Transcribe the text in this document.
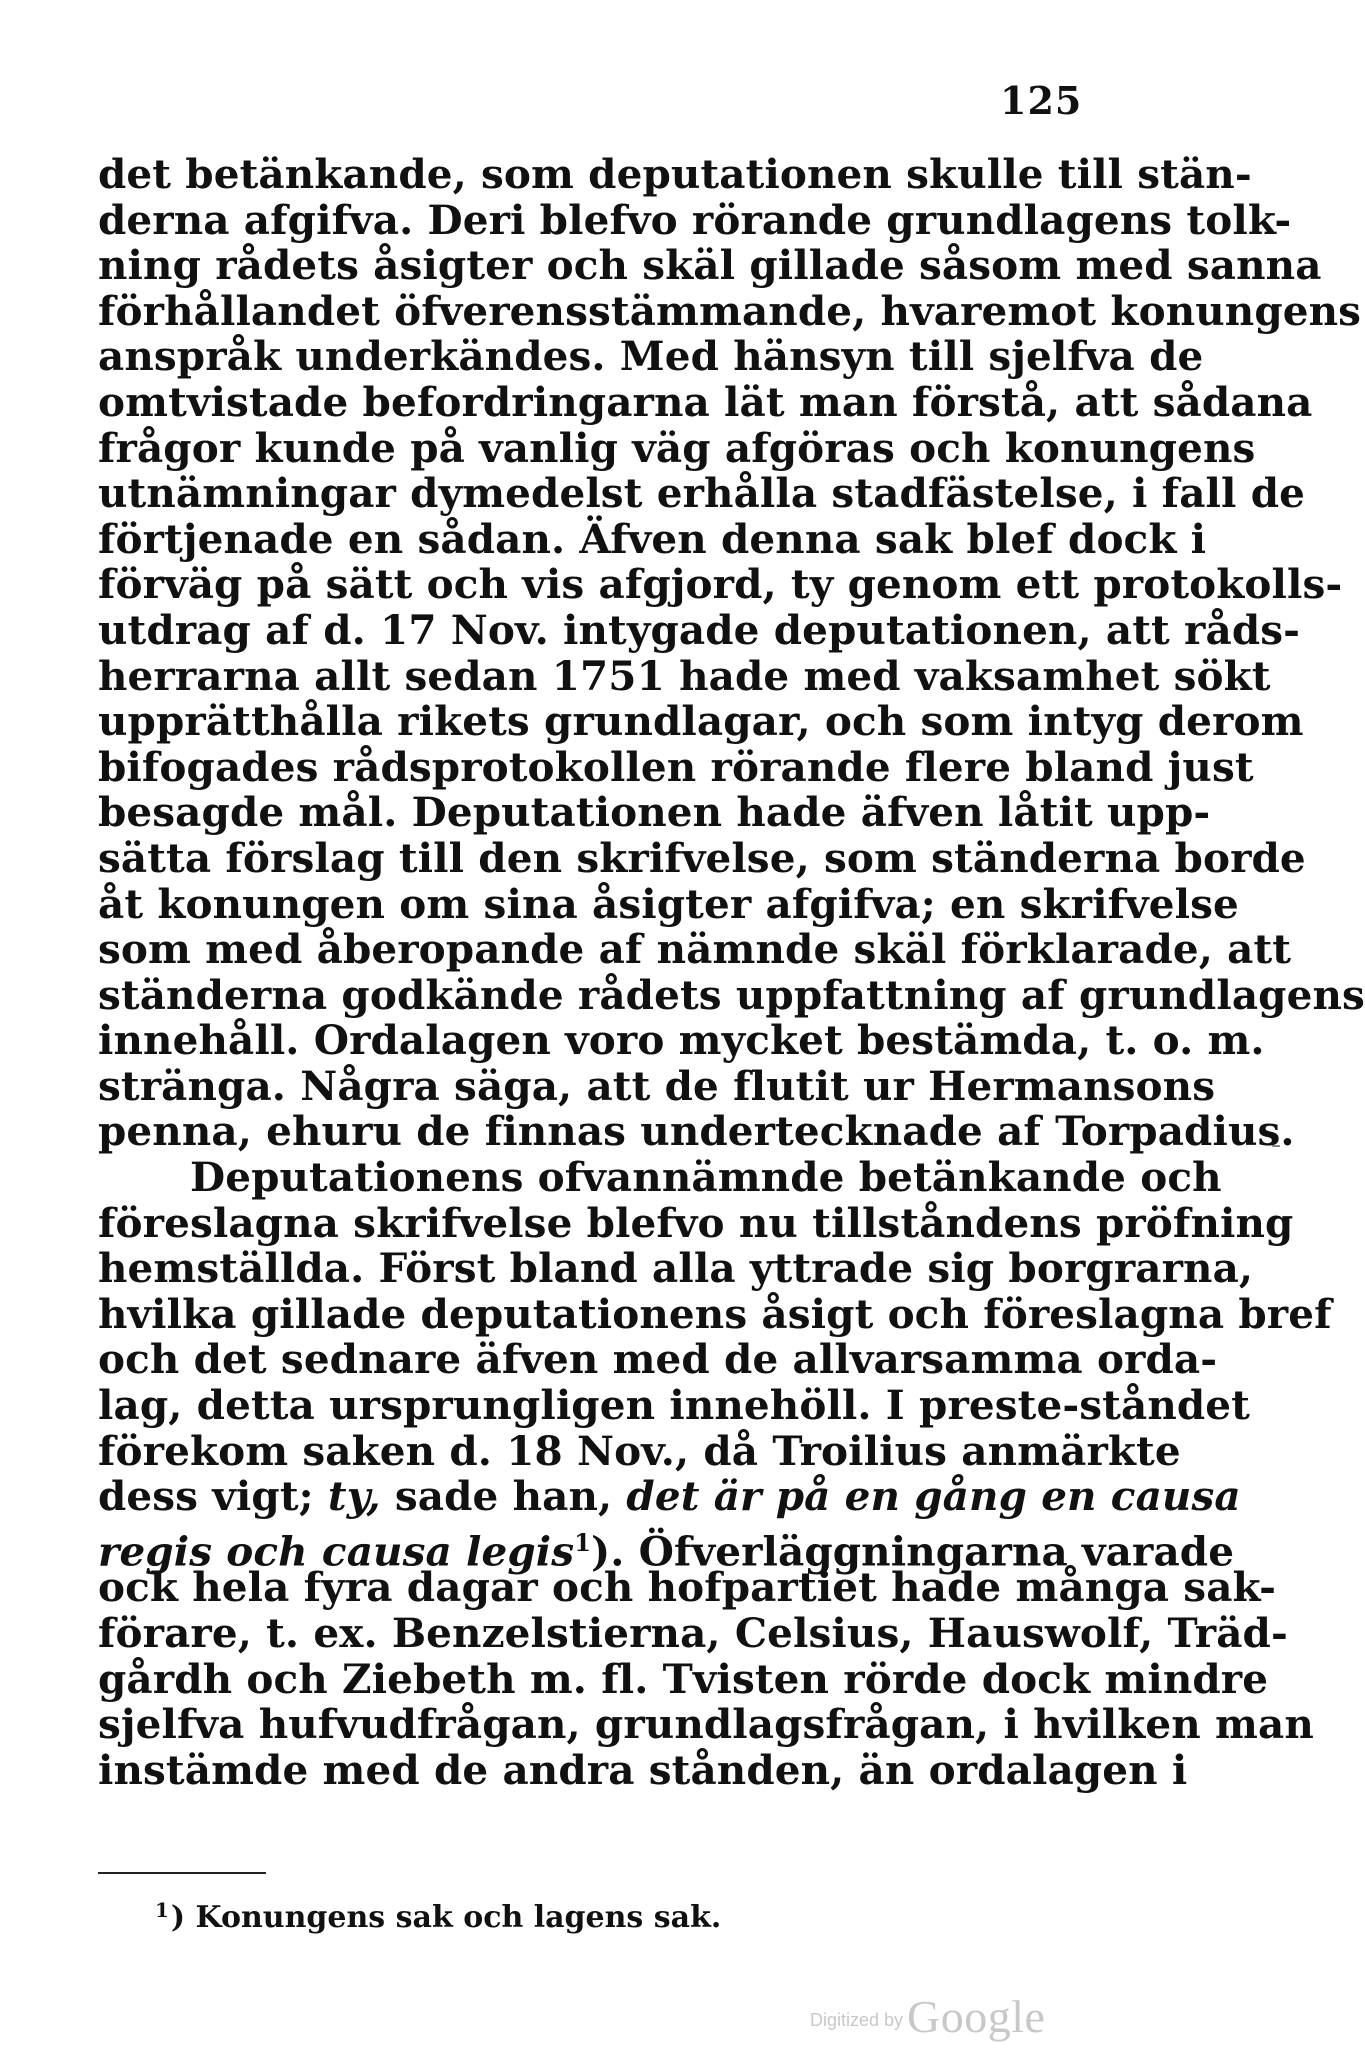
125
det betänkande, som deputationen skulle till stän-
derna afgifva. Deri blefvo rörande grundlagens tolk-
ning rådets åsigter och skäl gillade såsom med sanna
förhållandet öfverensstämmande, hvaremot konungens
anspråk underkändes. Med hänsyn till sjelfva de
omtvistade befordringarna lät man förstå, att sådana
frågor kunde på vanlig väg afgöras och konungens
utnämningar dymedelst erhålla stadfästelse, i fall de
förtjenade en sådan. Äfven denna sak blef dock i
förväg på sätt och vis afgjord, ty genom ett protokolls-
utdrag af d. 17 Nov. intygade deputationen, att råds-
herrarna allt sedan 1751 hade med vaksamhet sökt
upprätthålla rikets grundlagar, och som intyg derom
bifogades rådsprotokollen rörande flere bland just
besagde mål. Deputationen hade äfven låtit upp-
sätta förslag till den skrifvelse, som ständerna borde
åt konungen om sina åsigter afgifva; en skrifvelse
som med åberopande af nämnde skäl förklarade, att
ständerna godkände rådets uppfattning af grundlagens
innehåll. Ordalagen voro mycket bestämda, t. o. m.
stränga. Några säga, att de flutit ur Hermansons
penna, ehuru de finnas undertecknade af Torpadius.
Deputationens ofvannämnde betänkande och
föreslagna skrifvelse blefvo nu tillståndens pröfning
hemställda. Först bland alla yttrade sig borgrarna,
hvilka gillade deputationens åsigt och föreslagna bref
och det sednare äfven med de allvarsamma orda-
lag, detta ursprungligen innehöll. I preste-ståndet
förekom saken d. 18 Nov., då Troilius anmärkte
dess vigt; ty, sade han, det är på en gång en causa
regis och causa legis$^1$). Öfverläggningarna varade
ock hela fyra dagar och hofpartiet hade många sak-
förare, t. ex. Benzelstierna, Celsius, Hauswolf, Träd-
gårdh och Ziebeth m. fl. Tvisten rörde dock mindre
sjelfva hufvudfrågan, grundlagsfrågan, i hvilken man
instämde med de andra stånden, än ordalagen i
$^1$) Konungens sak och lagens sak.
Digitized byGoogle
